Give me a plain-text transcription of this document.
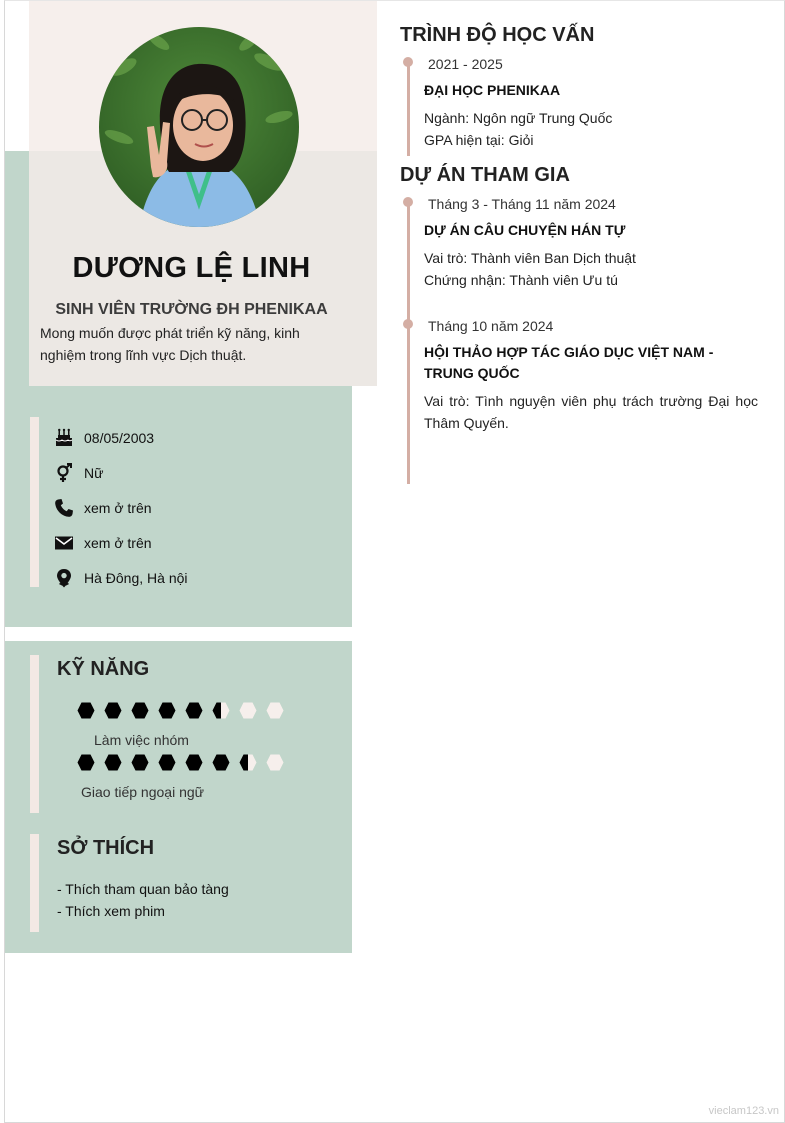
DƯƠNG LỆ LINH
SINH VIÊN TRƯỜNG ĐH PHENIKAA
Mong muốn được phát triển kỹ năng, kinh nghiệm trong lĩnh vực Dịch thuật.
08/05/2003
Nữ
xem ở trên
xem ở trên
Hà Đông, Hà nội
KỸ NĂNG
Làm việc nhóm
Giao tiếp ngoại ngữ
SỞ THÍCH
- Thích tham quan bảo tàng
- Thích xem phim
TRÌNH ĐỘ HỌC VẤN
2021 - 2025
ĐẠI HỌC PHENIKAA
Ngành: Ngôn ngữ Trung Quốc
GPA hiện tại: Giỏi
DỰ ÁN THAM GIA
Tháng 3 - Tháng 11 năm 2024
DỰ ÁN CÂU CHUYỆN HÁN TỰ
Vai trò: Thành viên Ban Dịch thuật
Chứng nhận: Thành viên Ưu tú
Tháng 10 năm 2024
HỘI THẢO HỢP TÁC GIÁO DỤC VIỆT NAM - TRUNG QUỐC
Vai trò: Tình nguyện viên phụ trách trường Đại học Thâm Quyến.
vieclam123.vn
